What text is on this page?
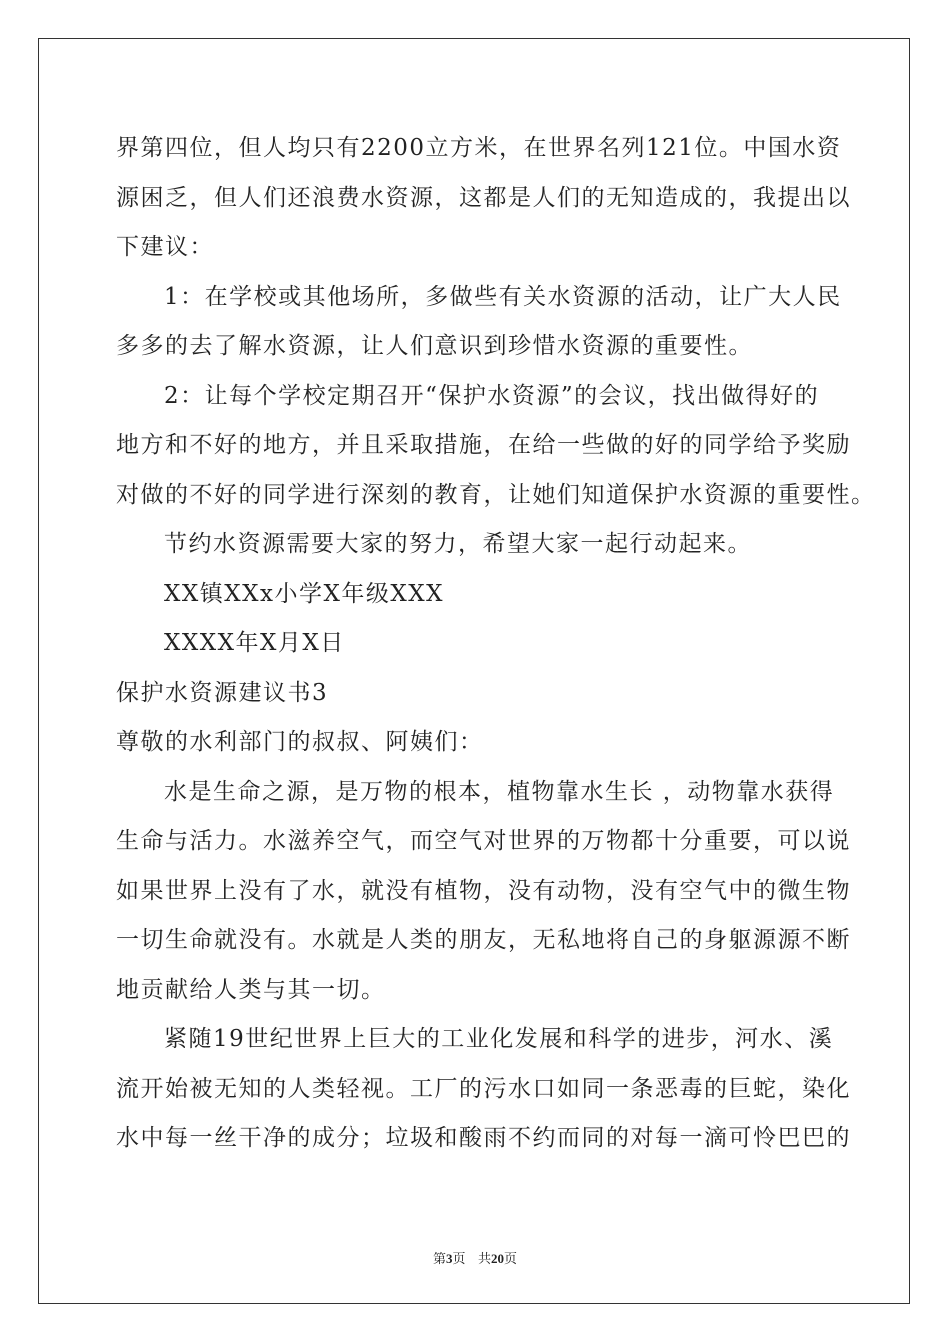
界第四位，但人均只有2200立方米，在世界名列121位。中国水资

源困乏，但人们还浪费水资源，这都是人们的无知造成的，我提出以

下建议：

1：在学校或其他场所，多做些有关水资源的活动，让广大人民

多多的去了解水资源，让人们意识到珍惜水资源的重要性。

2：让每个学校定期召开“保护水资源”的会议，找出做得好的

地方和不好的地方，并且采取措施，在给一些做的好的同学给予奖励

对做的不好的同学进行深刻的教育，让她们知道保护水资源的重要性。

节约水资源需要大家的努力，希望大家一起行动起来。

XX镇XXx小学X年级XXX

XXXX年X月X日

保护水资源建议书3

尊敬的水利部门的叔叔、阿姨们：

水是生命之源，是万物的根本，植物靠水生长 ，动物靠水获得

生命与活力。水滋养空气，而空气对世界的万物都十分重要，可以说

如果世界上没有了水，就没有植物，没有动物，没有空气中的微生物

一切生命就没有。水就是人类的朋友，无私地将自己的身躯源源不断

地贡献给人类与其一切。

紧随19世纪世界上巨大的工业化发展和科学的进步，河水、溪

流开始被无知的人类轻视。工厂的污水口如同一条恶毒的巨蛇，染化

水中每一丝干净的成分；垃圾和酸雨不约而同的对每一滴可怜巴巴的

第3页 共20页
